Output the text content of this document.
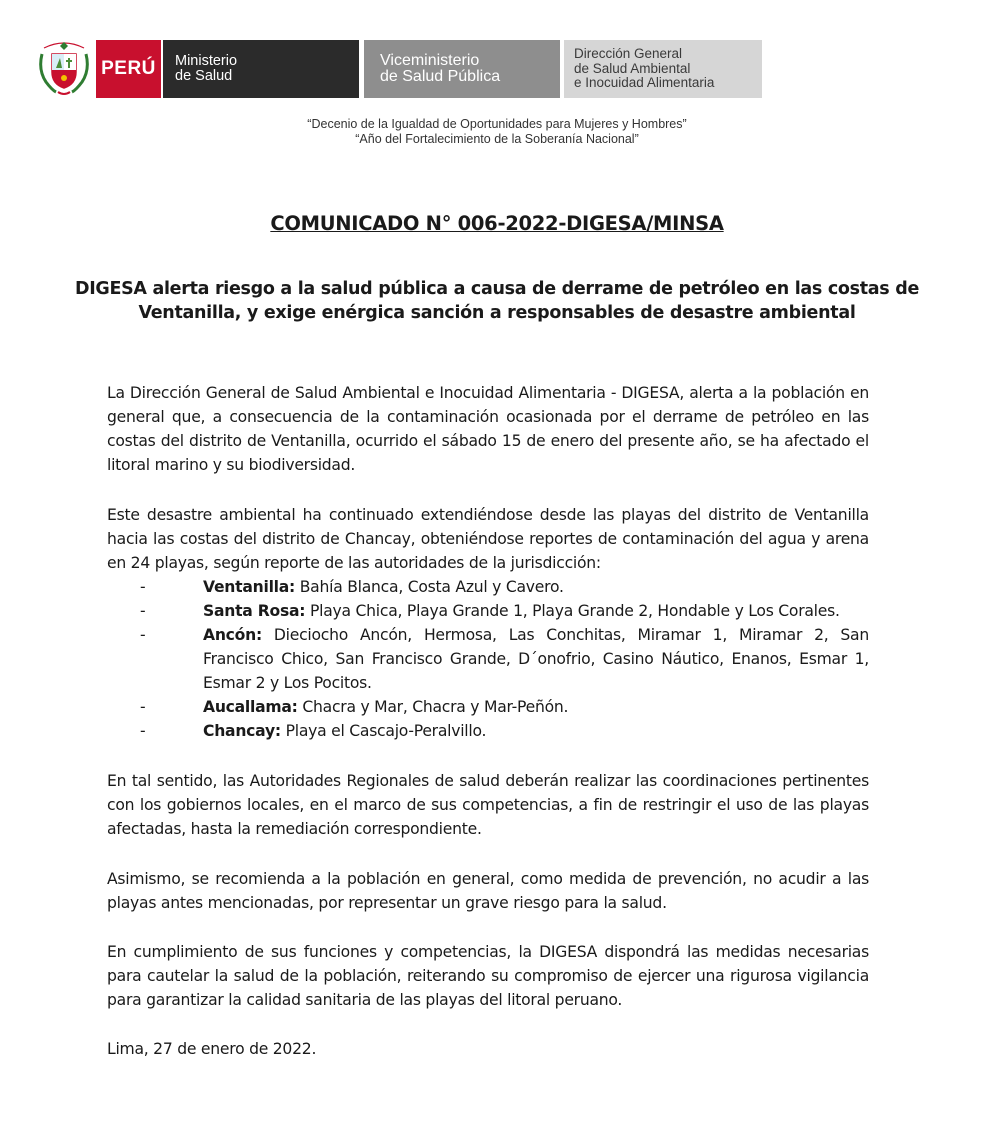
PERÚ	Ministerio
de Salud
Viceministerio
de Salud Pública
Dirección General
de Salud Ambiental
e Inocuidad Alimentaria
“Decenio de la Igualdad de Oportunidades para Mujeres y Hombres”
“Año del Fortalecimiento de la Soberanía Nacional”
COMUNICADO N° 006-2022-DIGESA/MINSA
DIGESA alerta riesgo a la salud pública a causa de derrame de petróleo en las costas de Ventanilla, y exige enérgica sanción a responsables de desastre ambiental
La Dirección General de Salud Ambiental e Inocuidad Alimentaria - DIGESA, alerta a la población en general que, a consecuencia de la contaminación ocasionada por el derrame de petróleo en las costas del distrito de Ventanilla, ocurrido el sábado 15 de enero del presente año, se ha afectado el litoral marino y su biodiversidad.
Este desastre ambiental ha continuado extendiéndose desde las playas del distrito de Ventanilla hacia las costas del distrito de Chancay, obteniéndose reportes de contaminación del agua y arena en 24 playas, según reporte de las autoridades de la jurisdicción:
-	Ventanilla: Bahía Blanca, Costa Azul y Cavero.
-	Santa Rosa: Playa Chica, Playa Grande 1, Playa Grande 2, Hondable y Los Corales.
-	Ancón: Dieciocho Ancón, Hermosa, Las Conchitas, Miramar 1, Miramar 2, San Francisco Chico, San Francisco Grande, D´onofrio, Casino Náutico, Enanos, Esmar 1, Esmar 2 y Los Pocitos.
-	Aucallama: Chacra y Mar, Chacra y Mar-Peñón.
-	Chancay: Playa el Cascajo-Peralvillo.
En tal sentido, las Autoridades Regionales de salud deberán realizar las coordinaciones pertinentes con los gobiernos locales, en el marco de sus competencias, a fin de restringir el uso de las playas afectadas, hasta la remediación correspondiente.
Asimismo, se recomienda a la población en general, como medida de prevención, no acudir a las playas antes mencionadas, por representar un grave riesgo para la salud.
En cumplimiento de sus funciones y competencias, la DIGESA dispondrá las medidas necesarias para cautelar la salud de la población, reiterando su compromiso de ejercer una rigurosa vigilancia para garantizar la calidad sanitaria de las playas del litoral peruano.
Lima, 27 de enero de 2022.
